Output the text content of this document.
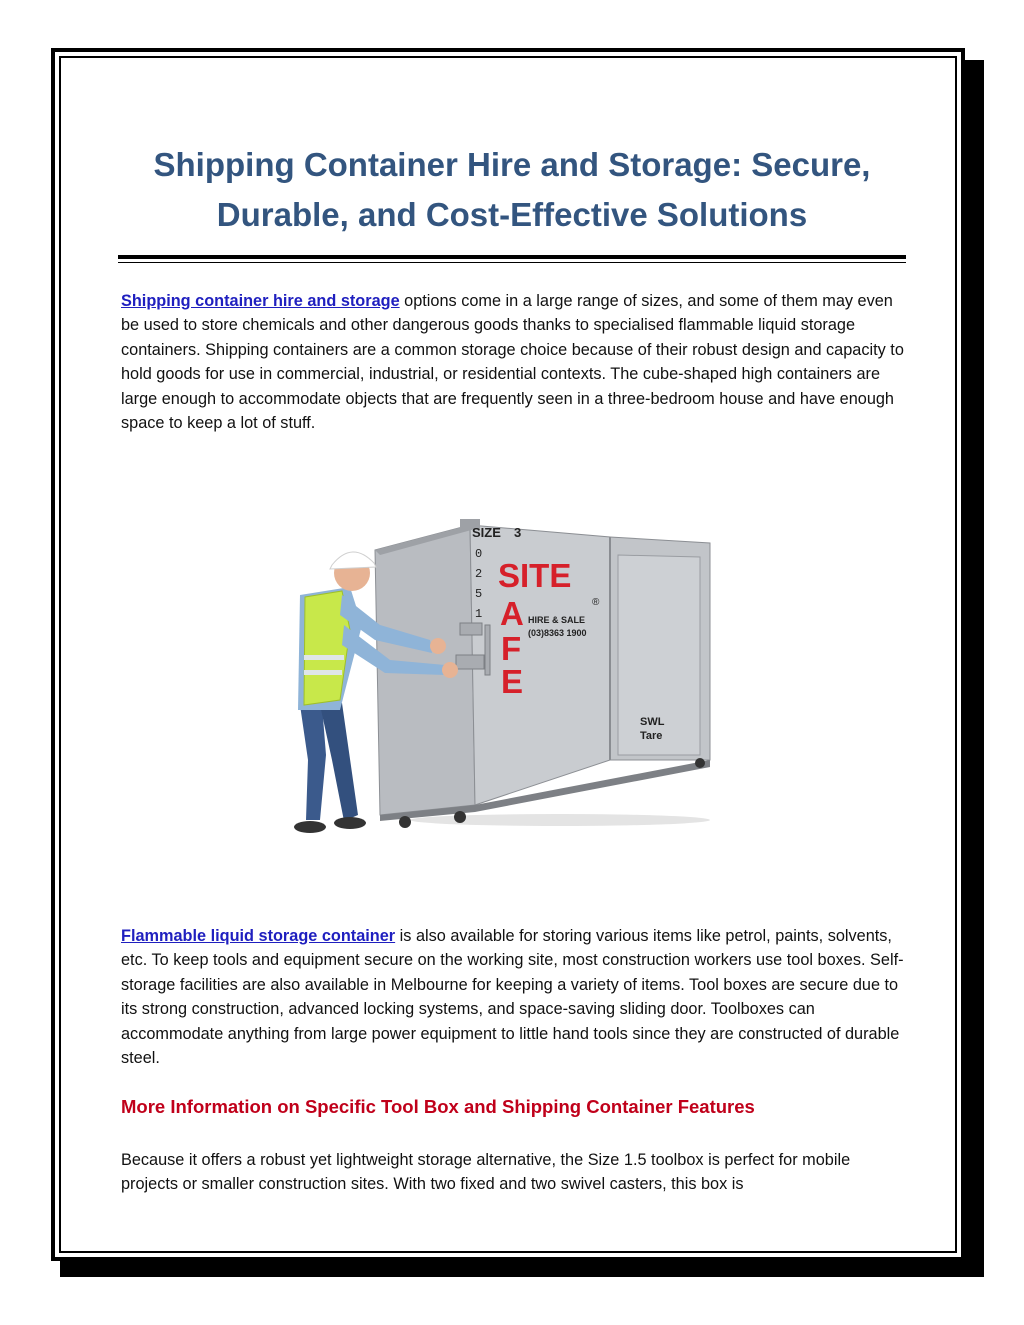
Shipping Container Hire and Storage: Secure, Durable, and Cost-Effective Solutions

Shipping container hire and storage options come in a large range of sizes, and some of them may even be used to store chemicals and other dangerous goods thanks to specialised flammable liquid storage containers. Shipping containers are a common storage choice because of their robust design and capacity to hold goods for use in commercial, industrial, or residential contexts. The cube-shaped high containers are large enough to accommodate objects that are frequently seen in a three-bedroom house and have enough space to keep a lot of stuff.

SIZE 3
0
2
5
1
SITE
®
A
F
E
HIRE & SALE
(03)8363 1900
SWL
Tare

Flammable liquid storage container is also available for storing various items like petrol, paints, solvents, etc. To keep tools and equipment secure on the working site, most construction workers use tool boxes. Self-storage facilities are also available in Melbourne for keeping a variety of items. Tool boxes are secure due to its strong construction, advanced locking systems, and space-saving sliding door. Toolboxes can accommodate anything from large power equipment to little hand tools since they are constructed of durable steel.

More Information on Specific Tool Box and Shipping Container Features

Because it offers a robust yet lightweight storage alternative, the Size 1.5 toolbox is perfect for mobile projects or smaller construction sites. With two fixed and two swivel casters, this box is
